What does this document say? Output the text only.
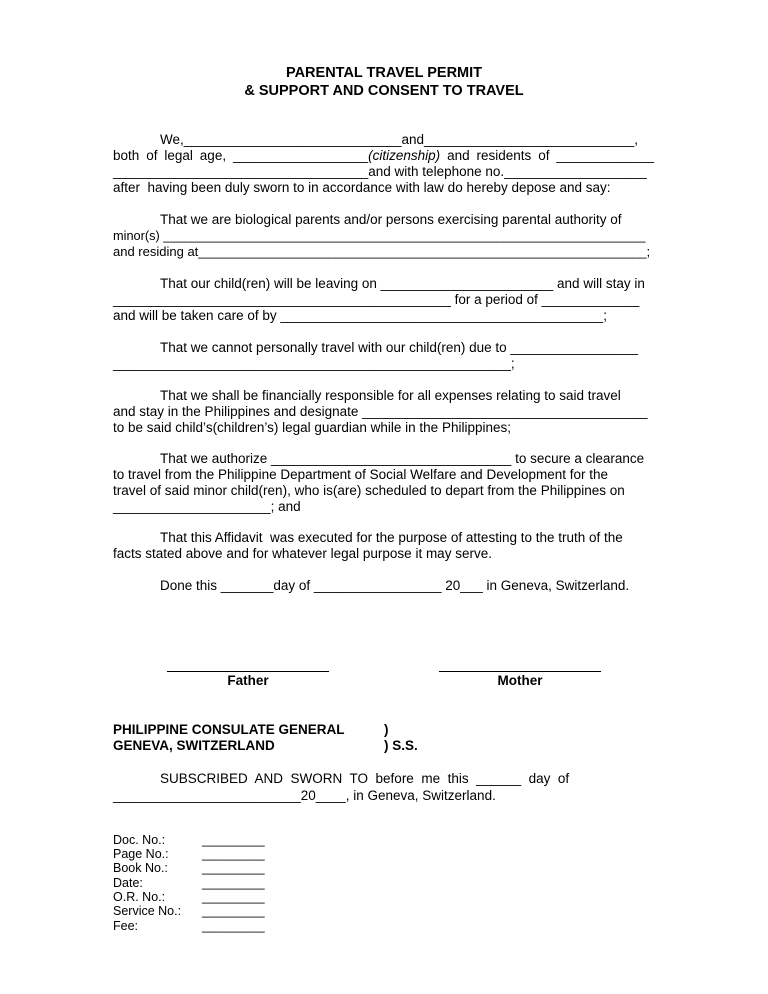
PARENTAL TRAVEL PERMIT
& SUPPORT AND CONSENT TO TRAVEL
We,_____________________________and____________________________,
both of legal age, __________________(citizenship) and residents of _____________
__________________________________and with telephone no.___________________
after  having been duly sworn to in accordance with law do hereby depose and say:
That we are biological parents and/or persons exercising parental authority of
minor(s) ____________________________________________________________________
and residing at______________________________________________________________;
That our child(ren) will be leaving on _______________________ and will stay in
_____________________________________________ for a period of _____________
and will be taken care of by ___________________________________________;
That we cannot personally travel with our child(ren) due to _________________
_____________________________________________________;
That we shall be financially responsible for all expenses relating to said travel
and stay in the Philippines and designate ______________________________________
to be said child’s(children’s) legal guardian while in the Philippines;
That we authorize ________________________________ to secure a clearance
to travel from the Philippine Department of Social Welfare and Development for the
travel of said minor child(ren), who is(are) scheduled to depart from the Philippines on
_____________________; and
That this Affidavit  was executed for the purpose of attesting to the truth of the
facts stated above and for whatever legal purpose it may serve.
Done this _______day of _________________ 20___ in Geneva, Switzerland.
Father	Mother
PHILIPPINE CONSULATE GENERAL	)
GENEVA, SWITZERLAND	) S.S.
SUBSCRIBED  AND  SWORN  TO  before  me  this  ______  day  of
_________________________20____, in Geneva, Switzerland.
Doc. No.:	_________
Page No.:	_________
Book No.:	_________
Date:	_________
O.R. No.:	_________
Service No.: _________
Fee:	_________
